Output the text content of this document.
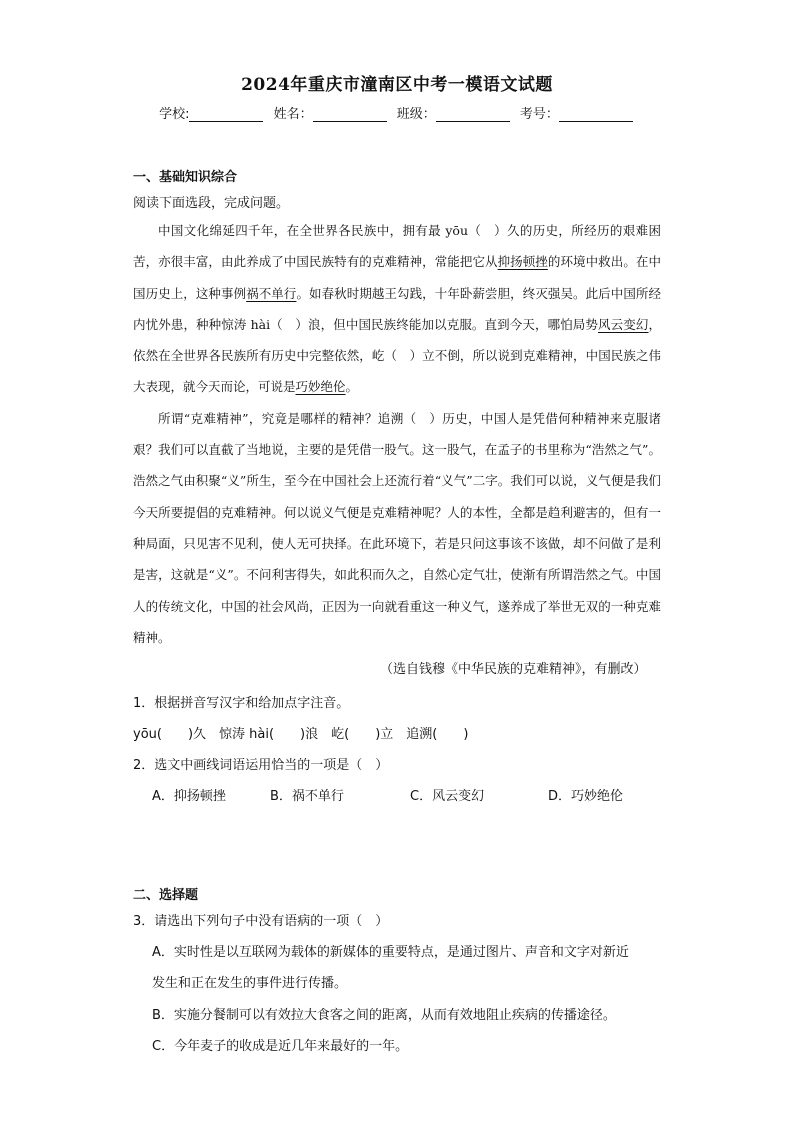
2024年重庆市潼南区中考一模语文试题
学校:	姓名：	班级：	考号：
一、基础知识综合
阅读下面选段，完成问题。

中国文化绵延四千年，在全世界各民族中，拥有最 yōu（　）久的历史，所经历的艰难困苦，亦很丰富，由此养成了中国民族特有的克难精神，常能把它从抑扬顿挫的环境中救出。在中国历史上，这种事例祸不单行。如春秋时期越王勾践，十年卧薪尝胆，终灭强吴。此后中国所经内忧外患，种种惊涛 hài（　）浪，但中国民族终能加以克服。直到今天，哪怕局势风云变幻，依然在全世界各民族所有历史中完整依然，屹（　）立不倒，所以说到克难精神，中国民族之伟大表现，就今天而论，可说是巧妙绝伦。

所谓“克难精神”，究竟是哪样的精神？追溯（　）历史，中国人是凭借何种精神来克服诸艰？我们可以直截了当地说，主要的是凭借一股气。这一股气，在孟子的书里称为“浩然之气”。浩然之气由积聚“义”所生，至今在中国社会上还流行着“义气”二字。我们可以说，义气便是我们今天所要提倡的克难精神。何以说义气便是克难精神呢？人的本性，全都是趋利避害的，但有一种局面，只见害不见利，使人无可抉择。在此环境下，若是只问这事该不该做，却不问做了是利是害，这就是“义”。不问利害得失，如此积而久之，自然心定气壮，使渐有所谓浩然之气。中国人的传统文化，中国的社会风尚，正因为一向就看重这一种义气，遂养成了举世无双的一种克难精神。

（选自钱穆《中华民族的克难精神》，有删改）
1．根据拼音写汉字和给加点字注音。
yōu(　　)久　惊涛 hài(　　)浪　屹(　　)立　追溯(　　)
2．选文中画线词语运用恰当的一项是（　）
A．抑扬顿挫	B．祸不单行	C．风云变幻	D．巧妙绝伦
二、选择题
3．请选出下列句子中没有语病的一项（　）
A．实时性是以互联网为载体的新媒体的重要特点，是通过图片、声音和文字对新近
发生和正在发生的事件进行传播。
B．实施分餐制可以有效拉大食客之间的距离，从而有效地阻止疾病的传播途径。
C．今年麦子的收成是近几年来最好的一年。
